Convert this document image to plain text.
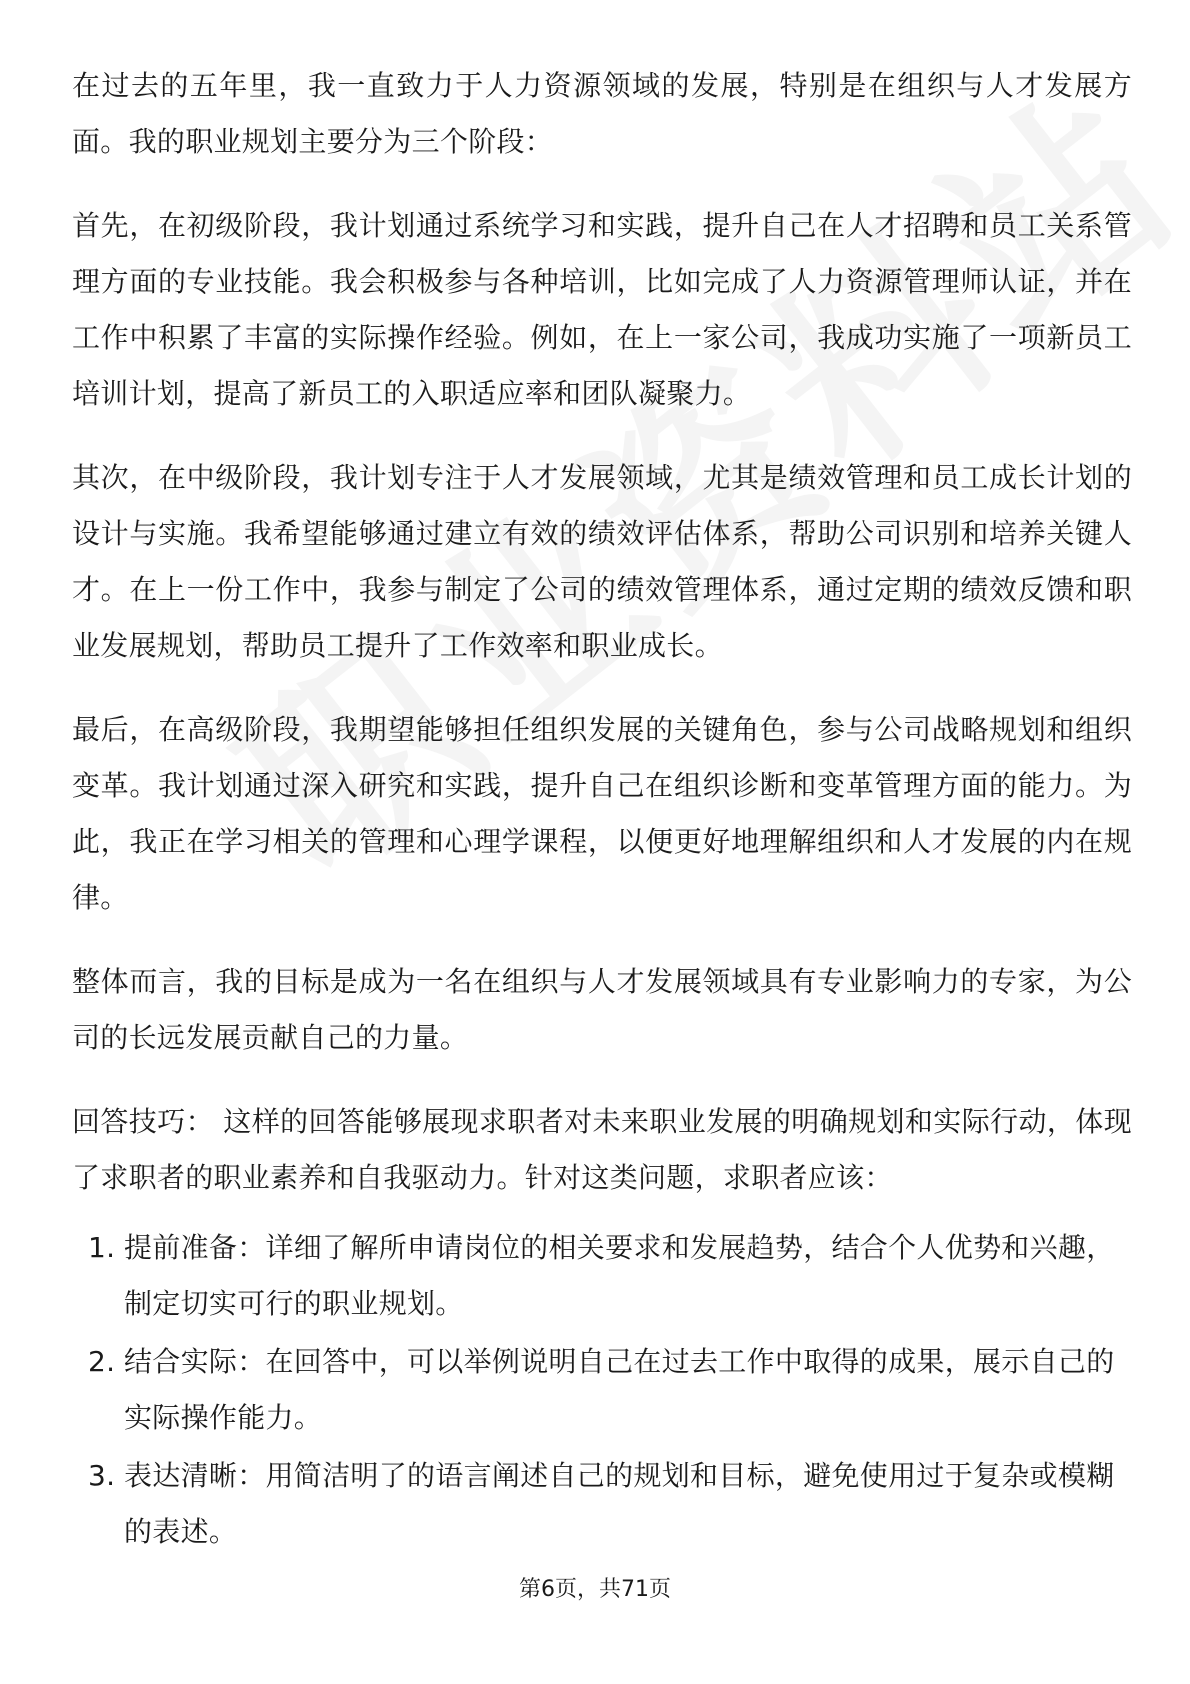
在过去的五年里，我一直致力于人力资源领域的发展，特别是在组织与人才发展方面。我的职业规划主要分为三个阶段：

首先，在初级阶段，我计划通过系统学习和实践，提升自己在人才招聘和员工关系管理方面的专业技能。我会积极参与各种培训，比如完成了人力资源管理师认证，并在工作中积累了丰富的实际操作经验。例如，在上一家公司，我成功实施了一项新员工培训计划，提高了新员工的入职适应率和团队凝聚力。

其次，在中级阶段，我计划专注于人才发展领域，尤其是绩效管理和员工成长计划的设计与实施。我希望能够通过建立有效的绩效评估体系，帮助公司识别和培养关键人才。在上一份工作中，我参与制定了公司的绩效管理体系，通过定期的绩效反馈和职业发展规划，帮助员工提升了工作效率和职业成长。

最后，在高级阶段，我期望能够担任组织发展的关键角色，参与公司战略规划和组织变革。我计划通过深入研究和实践，提升自己在组织诊断和变革管理方面的能力。为此，我正在学习相关的管理和心理学课程，以便更好地理解组织和人才发展的内在规律。

整体而言，我的目标是成为一名在组织与人才发展领域具有专业影响力的专家，为公司的长远发展贡献自己的力量。

回答技巧： 这样的回答能够展现求职者对未来职业发展的明确规划和实际行动，体现了求职者的职业素养和自我驱动力。针对这类问题，求职者应该：

1. 提前准备：详细了解所申请岗位的相关要求和发展趋势，结合个人优势和兴趣，制定切实可行的职业规划。
2. 结合实际：在回答中，可以举例说明自己在过去工作中取得的成果，展示自己的实际操作能力。
3. 表达清晰：用简洁明了的语言阐述自己的规划和目标，避免使用过于复杂或模糊的表述。
第6页，共71页
